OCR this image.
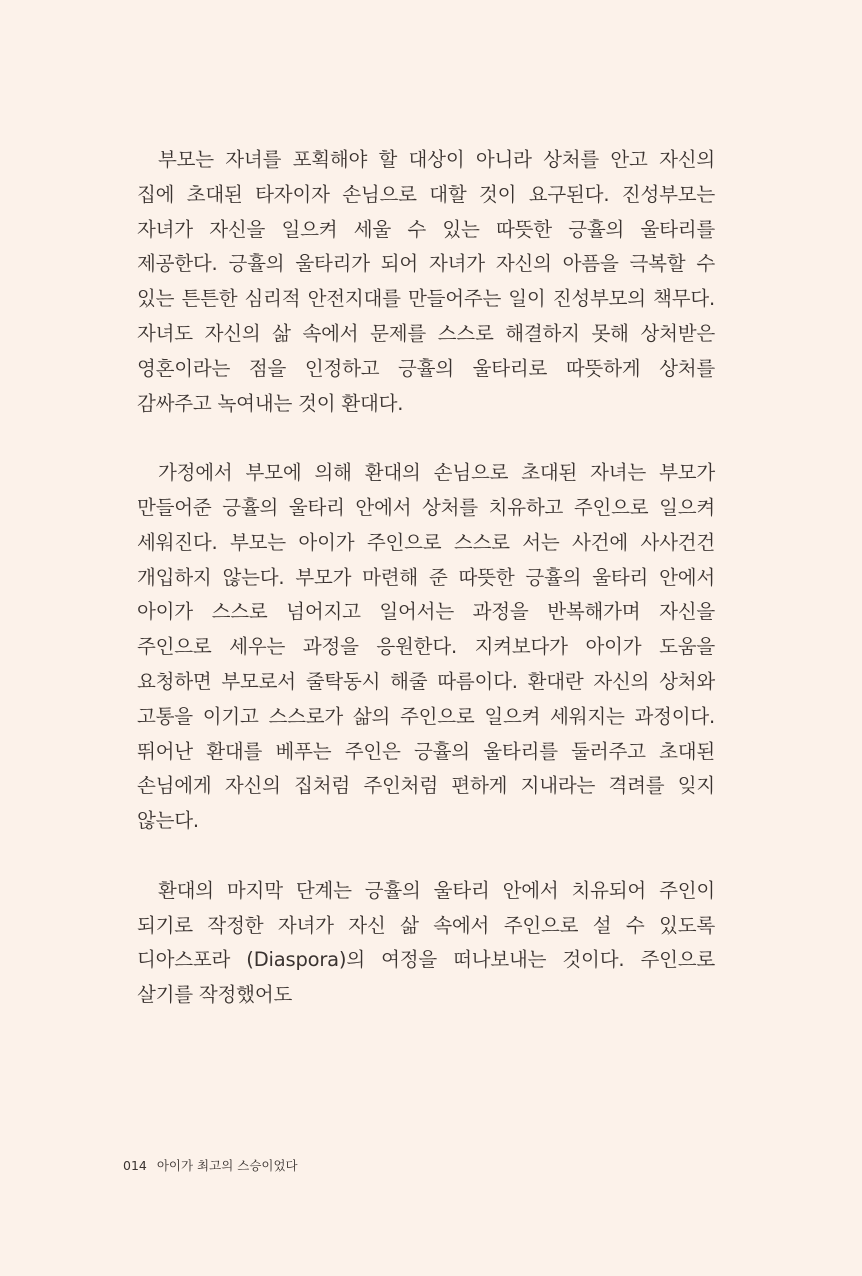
부모는 자녀를 포획해야 할 대상이 아니라 상처를 안고 자신의 집에 초대된 타자이자 손님으로 대할 것이 요구된다. 진성부모는 자녀가 자신을 일으켜 세울 수 있는 따뜻한 긍휼의 울타리를 제공한다. 긍휼의 울타리가 되어 자녀가 자신의 아픔을 극복할 수 있는 튼튼한 심리적 안전지대를 만들어주는 일이 진성부모의 책무다. 자녀도 자신의 삶 속에서 문제를 스스로 해결하지 못해 상처받은 영혼이라는 점을 인정하고 긍휼의 울타리로 따뜻하게 상처를 감싸주고 녹여내는 것이 환대다.

가정에서 부모에 의해 환대의 손님으로 초대된 자녀는 부모가 만들어준 긍휼의 울타리 안에서 상처를 치유하고 주인으로 일으켜 세워진다. 부모는 아이가 주인으로 스스로 서는 사건에 사사건건 개입하지 않는다. 부모가 마련해 준 따뜻한 긍휼의 울타리 안에서 아이가 스스로 넘어지고 일어서는 과정을 반복해가며 자신을 주인으로 세우는 과정을 응원한다. 지켜보다가 아이가 도움을 요청하면 부모로서 줄탁동시 해줄 따름이다. 환대란 자신의 상처와 고통을 이기고 스스로가 삶의 주인으로 일으켜 세워지는 과정이다. 뛰어난 환대를 베푸는 주인은 긍휼의 울타리를 둘러주고 초대된 손님에게 자신의 집처럼 주인처럼 편하게 지내라는 격려를 잊지 않는다.

환대의 마지막 단계는 긍휼의 울타리 안에서 치유되어 주인이 되기로 작정한 자녀가 자신 삶 속에서 주인으로 설 수 있도록 디아스포라 (Diaspora)의 여정을 떠나보내는 것이다. 주인으로 살기를 작정했어도

014 아이가 최고의 스승이었다
